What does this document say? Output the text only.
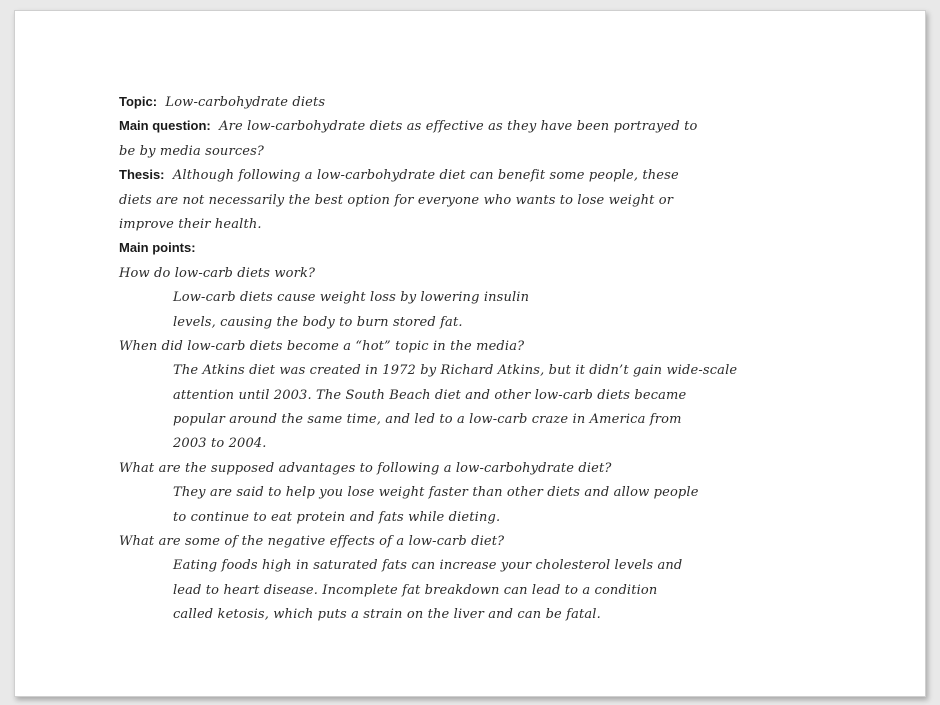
Topic: Low-carbohydrate diets
Main question: Are low-carbohydrate diets as effective as they have been portrayed to
be by media sources?
Thesis: Although following a low-carbohydrate diet can benefit some people, these
diets are not necessarily the best option for everyone who wants to lose weight or
improve their health.
Main points:
How do low-carb diets work?
Low-carb diets cause weight loss by lowering insulin
levels, causing the body to burn stored fat.
When did low-carb diets become a “hot” topic in the media?
The Atkins diet was created in 1972 by Richard Atkins, but it didn’t gain wide-scale
attention until 2003. The South Beach diet and other low-carb diets became
popular around the same time, and led to a low-carb craze in America from
2003 to 2004.
What are the supposed advantages to following a low-carbohydrate diet?
They are said to help you lose weight faster than other diets and allow people
to continue to eat protein and fats while dieting.
What are some of the negative effects of a low-carb diet?
Eating foods high in saturated fats can increase your cholesterol levels and
lead to heart disease. Incomplete fat breakdown can lead to a condition
called ketosis, which puts a strain on the liver and can be fatal.
